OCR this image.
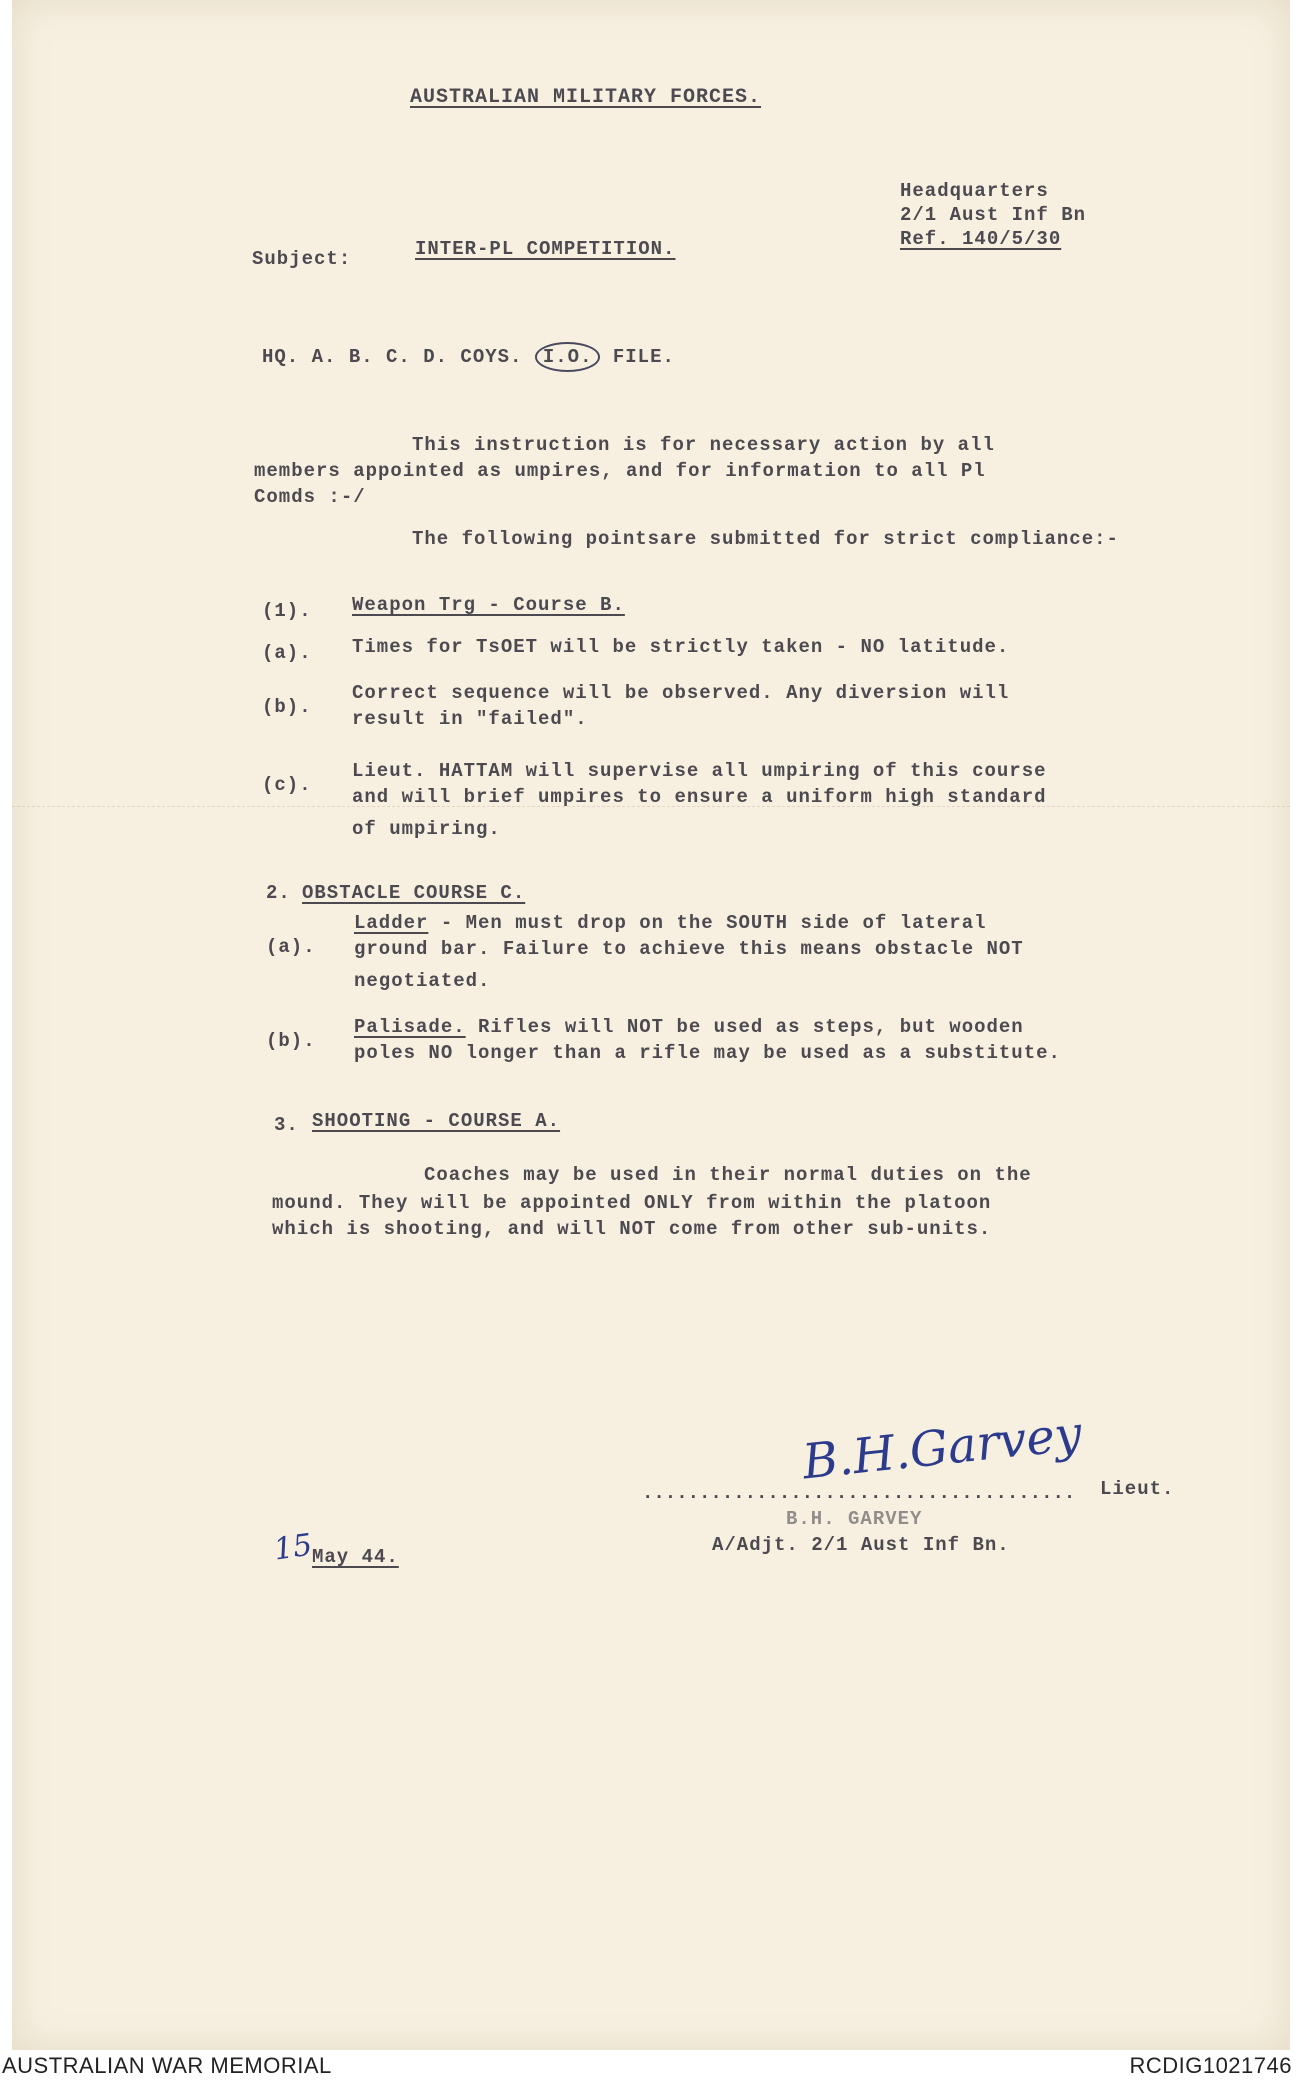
AUSTRALIAN MILITARY FORCES.
Headquarters
2/1 Aust Inf Bn
Ref. 140/5/30
Subject:	INTER-PL COMPETITION.
HQ. A. B. C. D. COYS. I.O. FILE.
This instruction is for necessary action by all
members appointed as umpires, and for information to all Pl
Comds :-/
The following pointsare submitted for strict compliance:-
(1). Weapon Trg - Course B.
(a). Times for TsOET will be strictly taken - NO latitude.
(b).
Correct sequence will be observed. Any diversion will
result in "failed".
(c).
Lieut. HATTAM will supervise all umpiring of this course
and will brief umpires to ensure a uniform high standard
of umpiring.
2. OBSTACLE COURSE C.
(a).
Ladder - Men must drop on the SOUTH side of lateral
ground bar. Failure to achieve this means obstacle NOT
negotiated.
(b).
Palisade. Rifles will NOT be used as steps, but wooden
poles NO longer than a rifle may be used as a substitute.
3. SHOOTING - COURSE A.
Coaches may be used in their normal duties on the
mound. They will be appointed ONLY from within the platoon
which is shooting, and will NOT come from other sub-units.
B.H.Garvey
...................................... Lieut.
B.H. GARVEY
A/Adjt. 2/1 Aust Inf Bn.
15
May 44.
AUSTRALIAN WAR MEMORIAL	RCDIG1021746
